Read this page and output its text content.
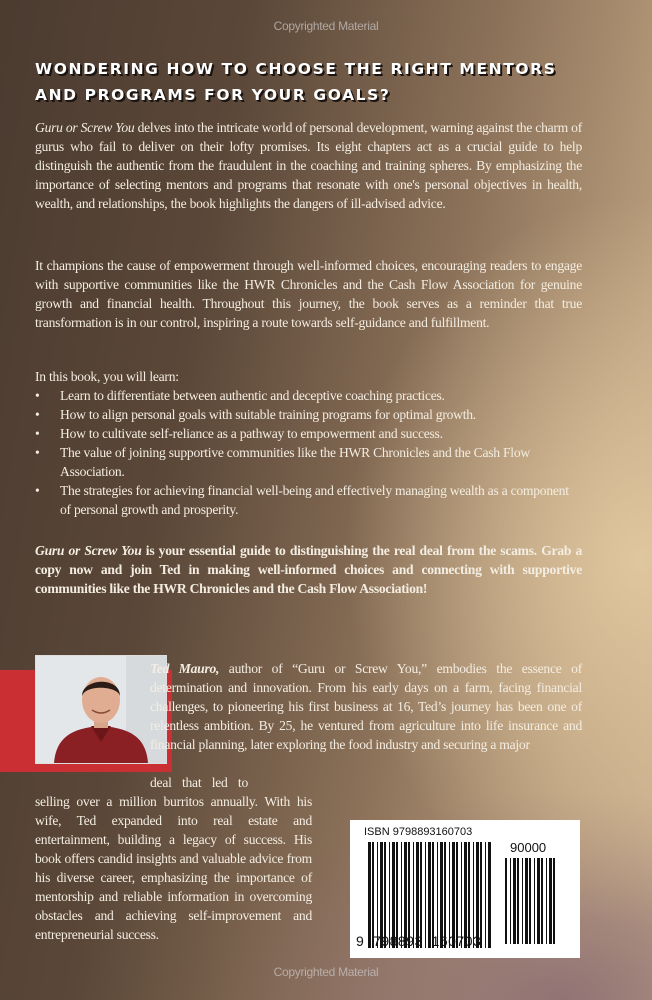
Copyrighted Material
WONDERING HOW TO CHOOSE THE RIGHT MENTORS AND PROGRAMS FOR YOUR GOALS?

Guru or Screw You delves into the intricate world of personal development, warning against the charm of gurus who fail to deliver on their lofty promises. Its eight chapters act as a crucial guide to help distinguish the authentic from the fraudulent in the coaching and training spheres. By emphasizing the importance of selecting mentors and programs that resonate with one's personal objectives in health, wealth, and relationships, the book highlights the dangers of ill-advised advice.

It champions the cause of empowerment through well-informed choices, encouraging readers to engage with supportive communities like the HWR Chronicles and the Cash Flow Association for genuine growth and financial health. Throughout this journey, the book serves as a reminder that true transformation is in our control, inspiring a route towards self-guidance and fulfillment.

In this book, you will learn:

• Learn to differentiate between authentic and deceptive coaching practices.
• How to align personal goals with suitable training programs for optimal growth.
• How to cultivate self-reliance as a pathway to empowerment and success.
• The value of joining supportive communities like the HWR Chronicles and the Cash Flow Association.
• The strategies for achieving financial well-being and effectively managing wealth as a component of personal growth and prosperity.

Guru or Screw You is your essential guide to distinguishing the real deal from the scams. Grab a copy now and join Ted in making well-informed choices and connecting with supportive communities like the HWR Chronicles and the Cash Flow Association!

Ted Mauro, author of “Guru or Screw You,” embodies the essence of determination and innovation. From his early days on a farm, facing financial challenges, to pioneering his first business at 16, Ted’s journey has been one of relentless ambition. By 25, he ventured from agriculture into life insurance and financial planning, later exploring the food industry and securing a major

deal that led to

selling over a million burritos annually. With his wife, Ted expanded into real estate and entertainment, building a legacy of success. His book offers candid insights and valuable advice from his diverse career, emphasizing the importance of mentorship and reliable information in overcoming obstacles and achieving self-improvement and entrepreneurial success.

ISBN 9798893160703
90000
9 798893 160703
Copyrighted Material
